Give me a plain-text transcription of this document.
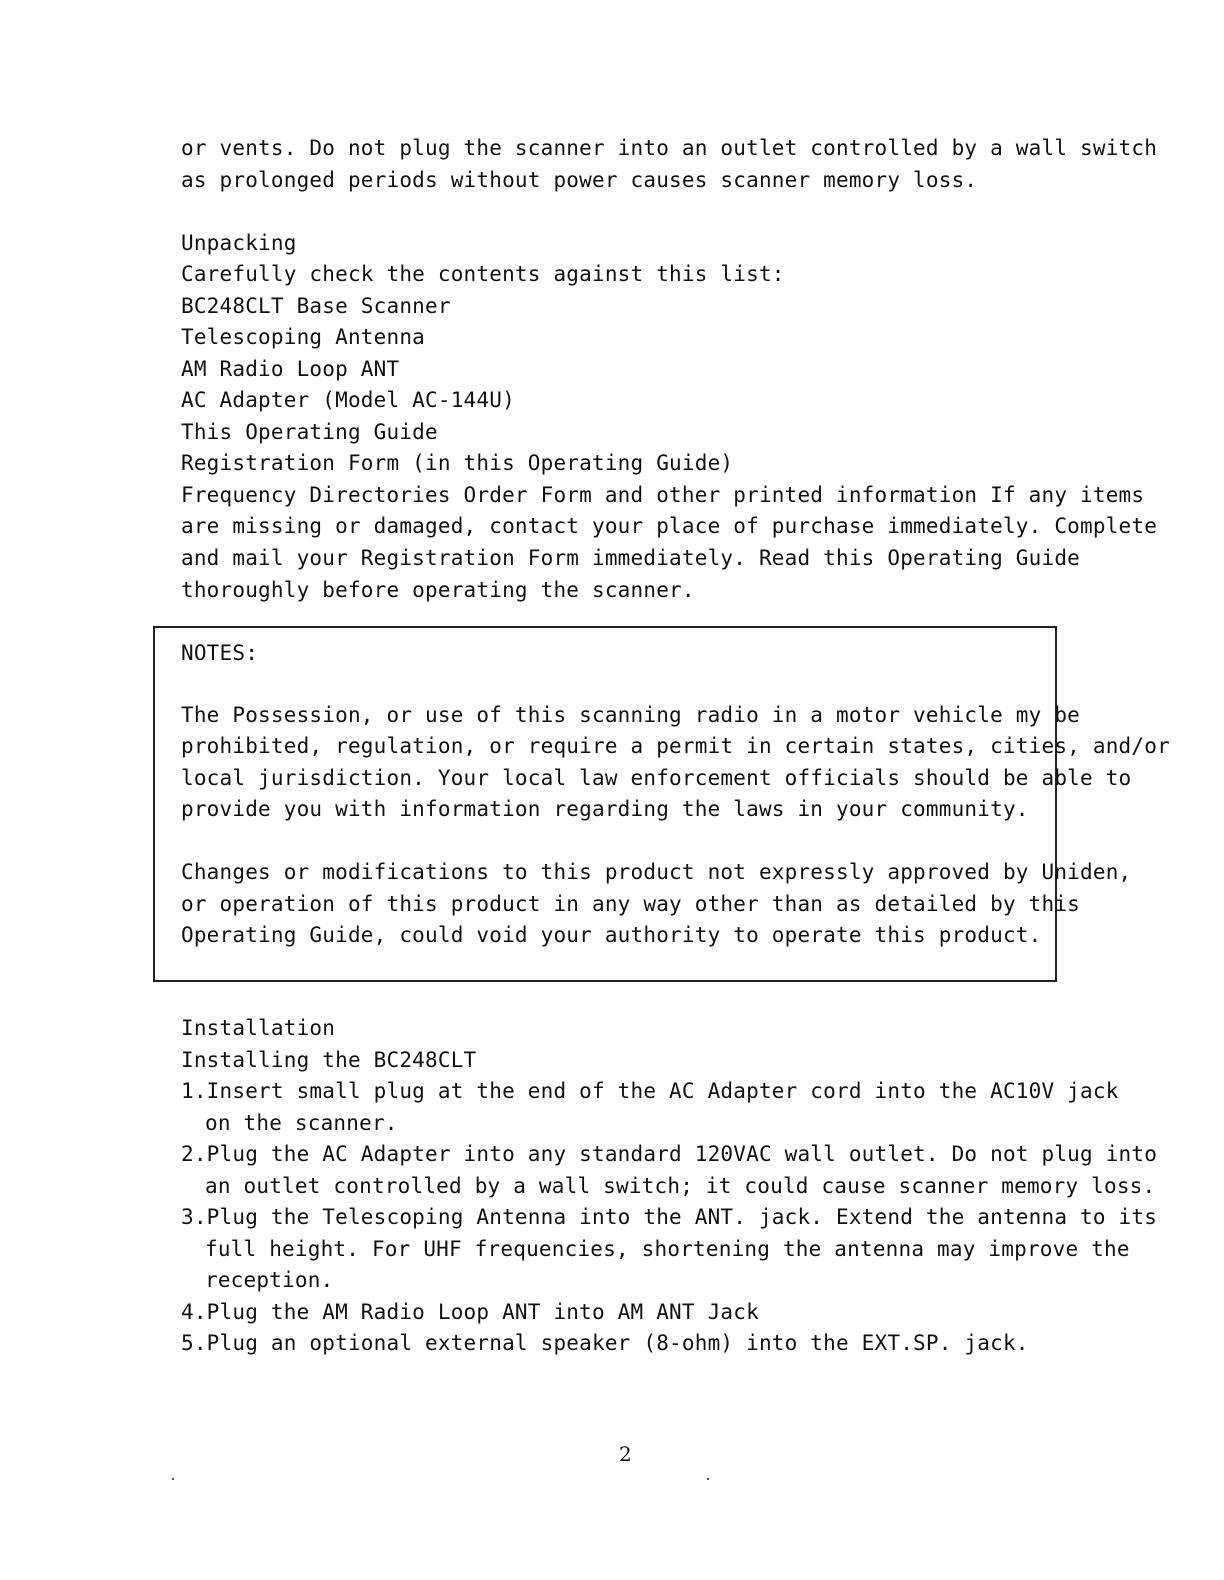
or vents. Do not plug the scanner into an outlet controlled by a wall switch

as prolonged periods without power causes scanner memory loss.

Unpacking

Carefully check the contents against this list:

BC248CLT Base Scanner

Telescoping Antenna

AM Radio Loop ANT

AC Adapter (Model AC-144U)

This Operating Guide

Registration Form (in this Operating Guide)

Frequency Directories Order Form and other printed information If any items

are missing or damaged, contact your place of purchase immediately. Complete

and mail your Registration Form immediately. Read this Operating Guide

thoroughly before operating the scanner.

NOTES:

The Possession, or use of this scanning radio in a motor vehicle my be

prohibited, regulation, or require a permit in certain states, cities, and/or

local jurisdiction. Your local law enforcement officials should be able to

provide you with information regarding the laws in your community.

Changes or modifications to this product not expressly approved by Uniden,

or operation of this product in any way other than as detailed by this

Operating Guide, could void your authority to operate this product.

Installation

Installing the BC248CLT

1.Insert small plug at the end of the AC Adapter cord into the AC10V jack

on the scanner.

2.Plug the AC Adapter into any standard 120VAC wall outlet. Do not plug into

an outlet controlled by a wall switch; it could cause scanner memory loss.

3.Plug the Telescoping Antenna into the ANT. jack. Extend the antenna to its

full height. For UHF frequencies, shortening the antenna may improve the

reception.

4.Plug the AM Radio Loop ANT into AM ANT Jack

5.Plug an optional external speaker (8-ohm) into the EXT.SP. jack.

2
